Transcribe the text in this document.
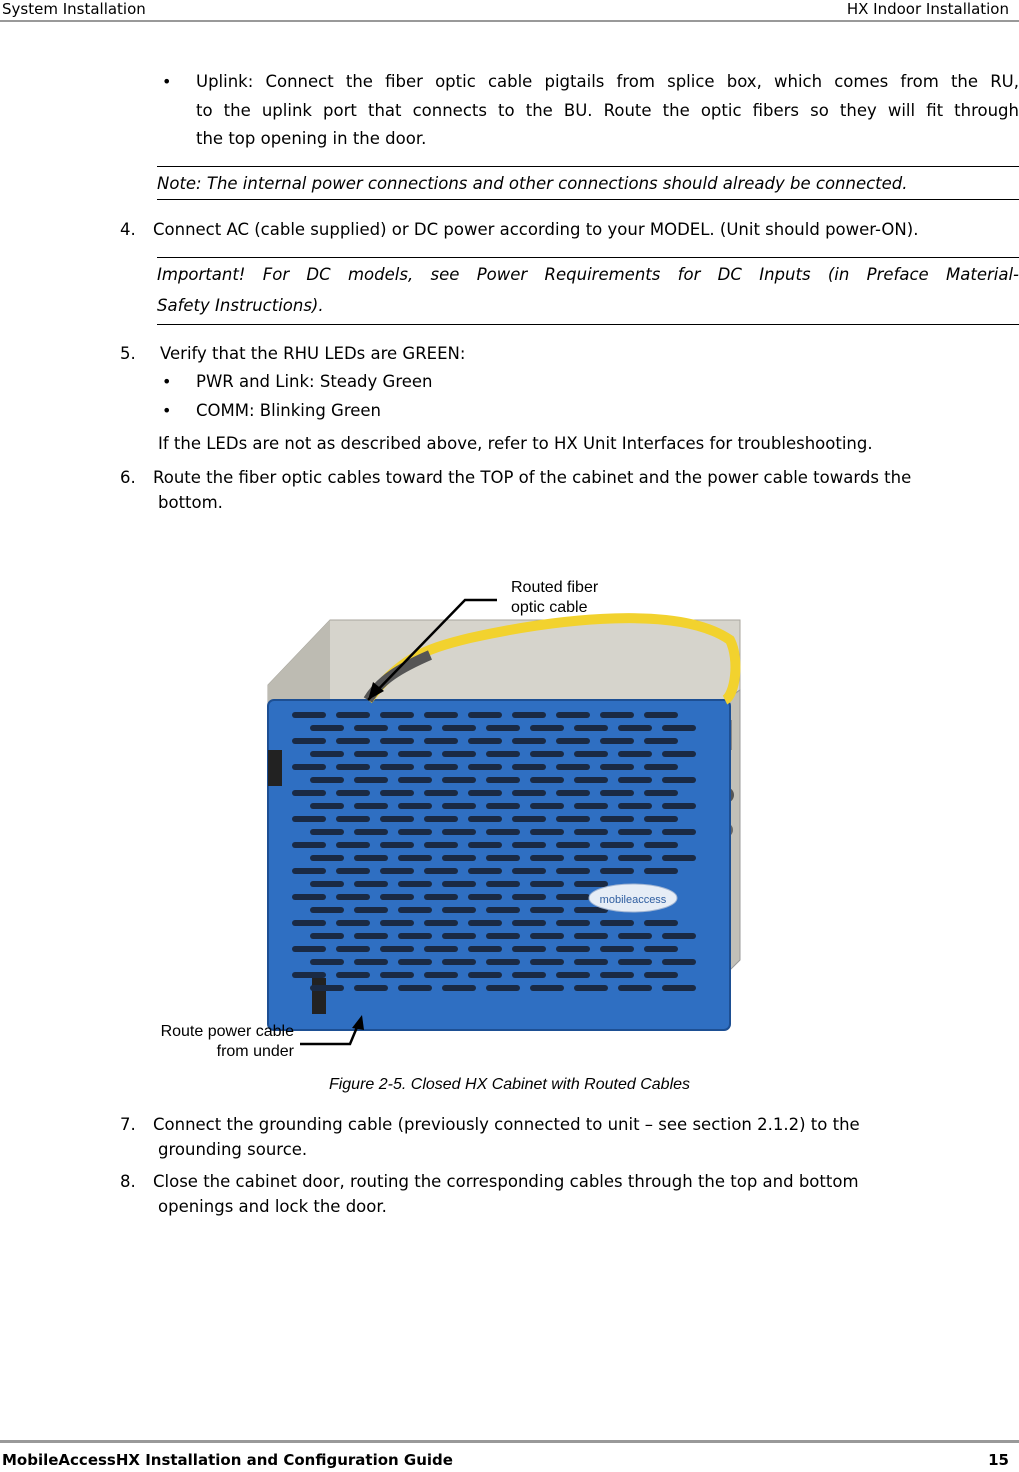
System Installation	HX Indoor Installation
• Uplink: Connect the fiber optic cable pigtails from splice box, which comes from the RU,
to the uplink port that connects to the BU. Route the optic fibers so they will fit through
the top opening in the door.
Note: The internal power connections and other connections should already be connected.
4. Connect AC (cable supplied) or DC power according to your MODEL. (Unit should power-ON).
Important! For DC models, see Power Requirements for DC Inputs (in Preface Material-
Safety Instructions).
5. Verify that the RHU LEDs are GREEN:
• PWR and Link: Steady Green
• COMM: Blinking Green
If the LEDs are not as described above, refer to HX Unit Interfaces for troubleshooting.
6. Route the fiber optic cables toward the TOP of the cabinet and the power cable towards the
bottom.
mobileaccess
Routed fiber
optic cable
Route power cable
from under
Figure 2-5. Closed HX Cabinet with Routed Cables
7. Connect the grounding cable (previously connected to unit – see section 2.1.2) to the
grounding source.
8. Close the cabinet door, routing the corresponding cables through the top and bottom
openings and lock the door.
MobileAccessHX Installation and Configuration Guide	15
